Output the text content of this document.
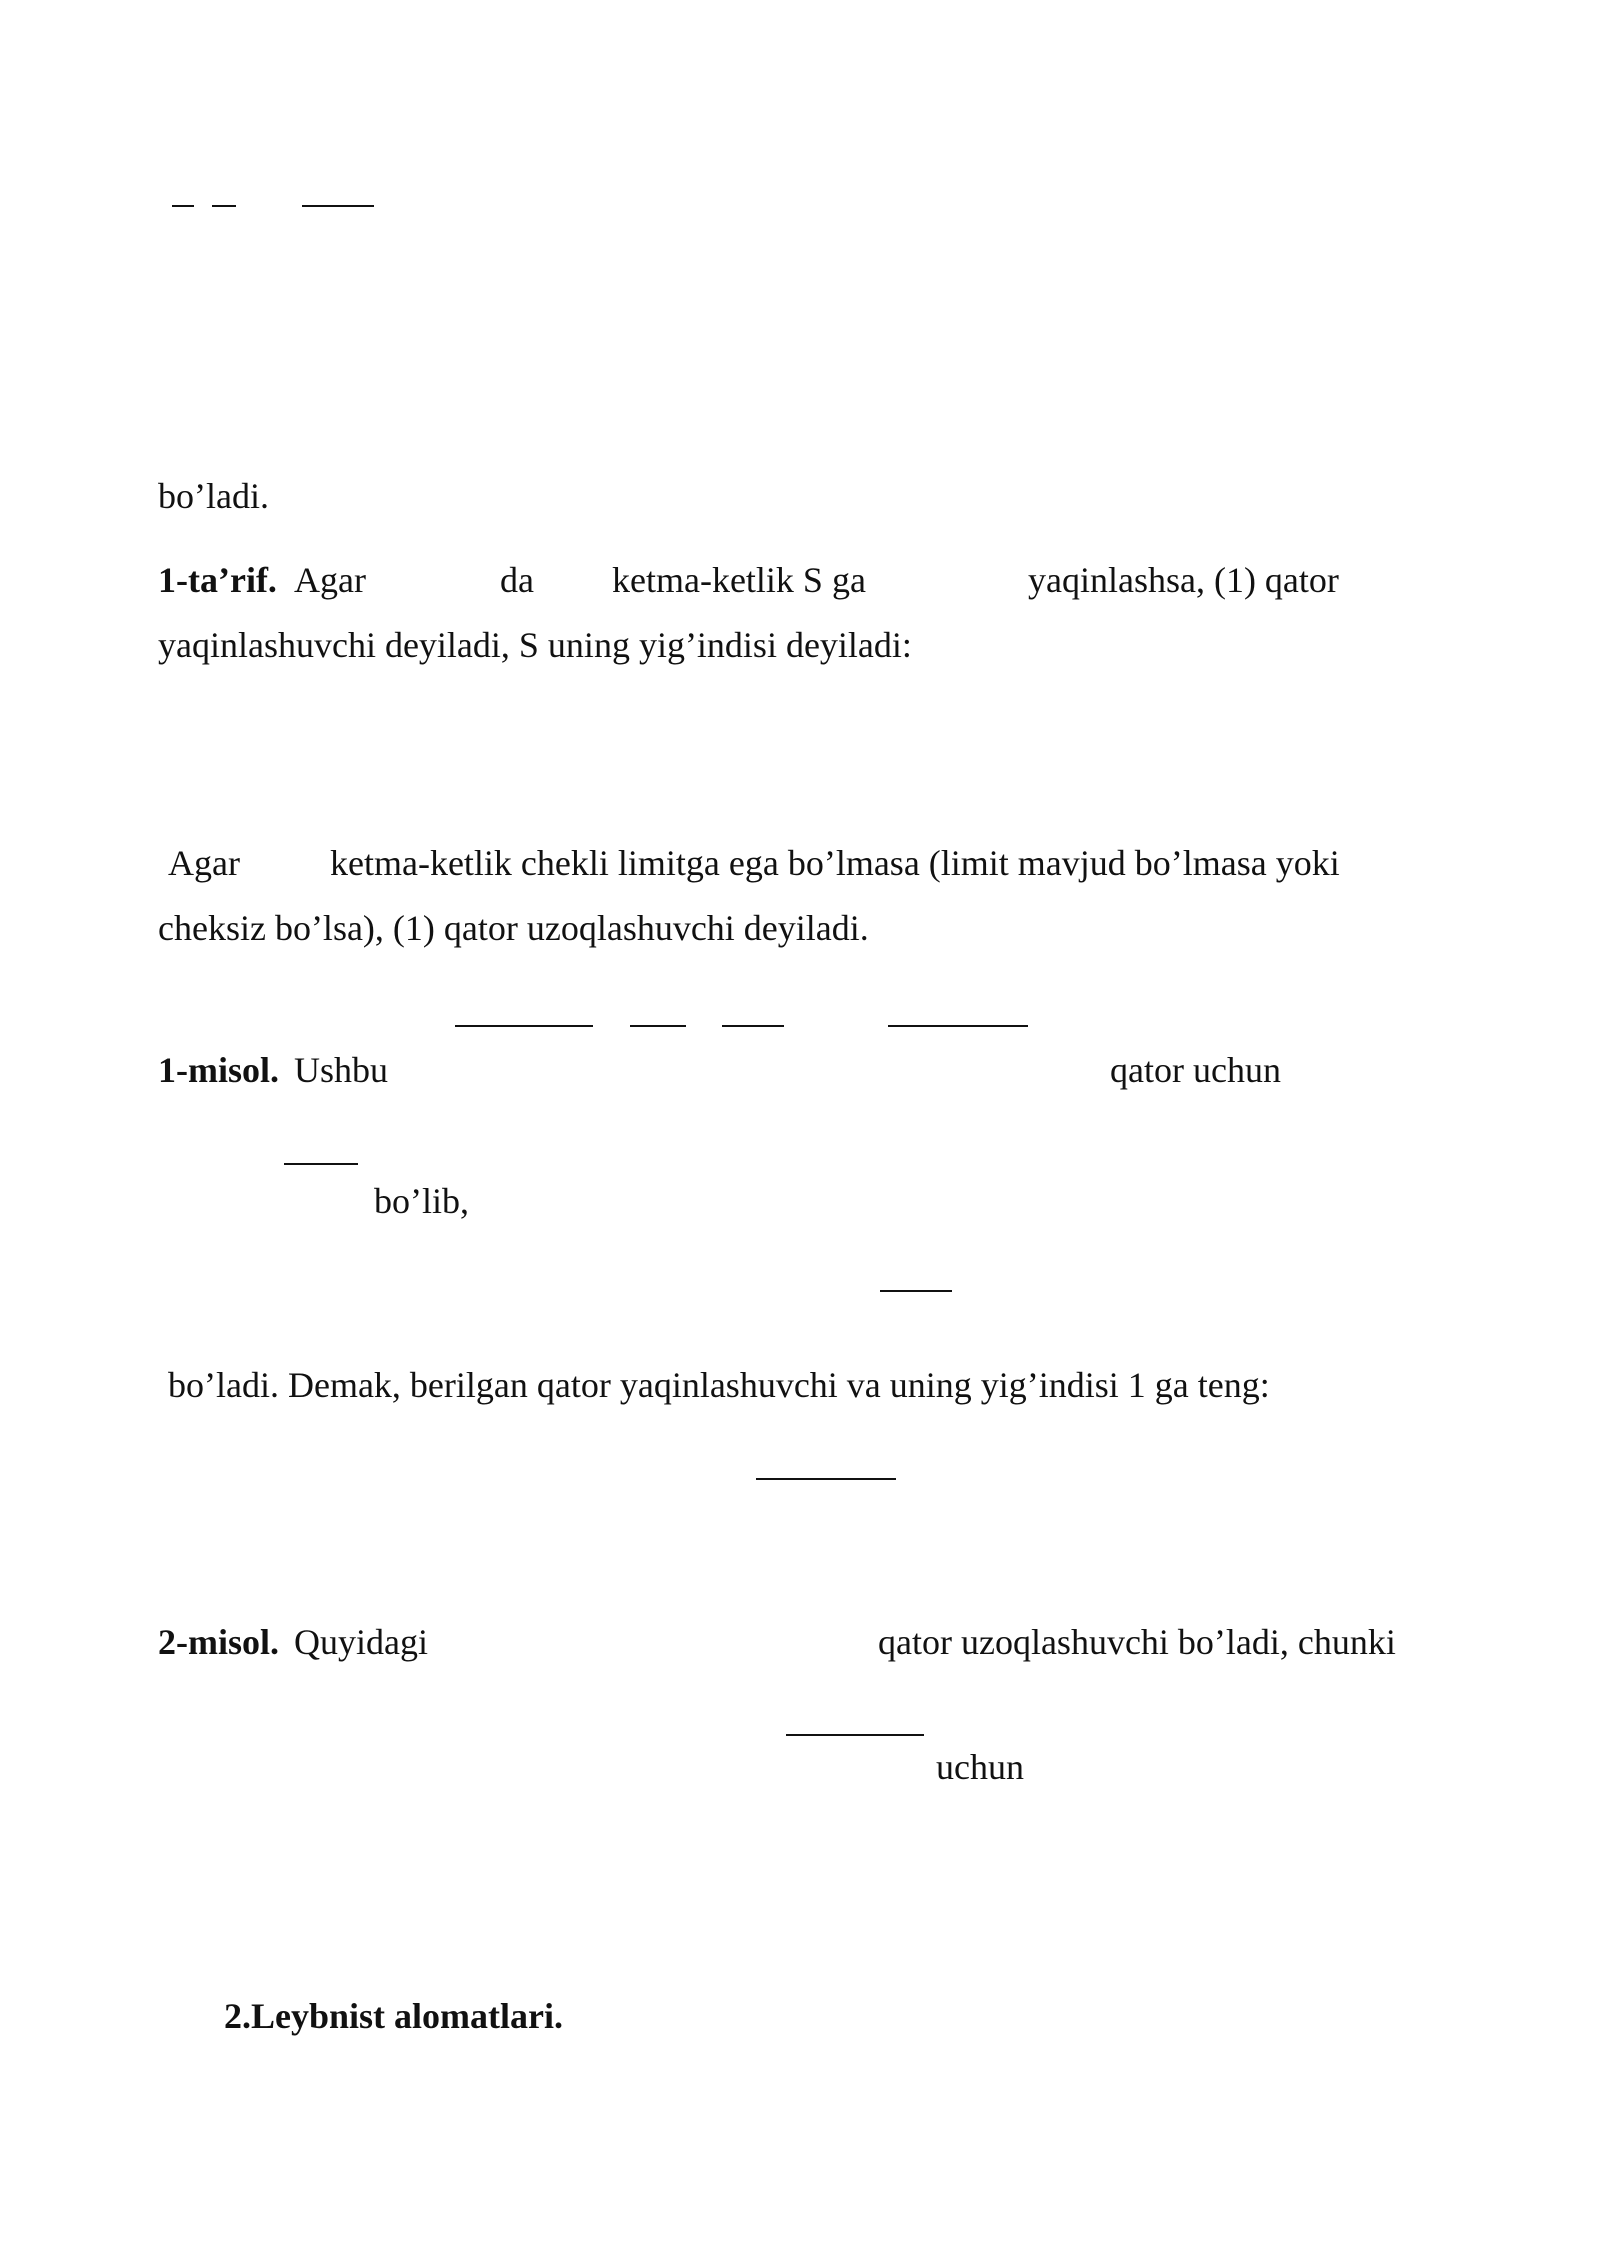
bo’ladi.
1-ta’rif. Agar	da ketma-ketlik S ga	yaqinlashsa, (1) qator
yaqinlashuvchi deyiladi, S uning yig’indisi deyiladi:
Agar	ketma-ketlik chekli limitga ega bo’lmasa (limit mavjud bo’lmasa yoki
cheksiz bo’lsa), (1) qator uzoqlashuvchi deyiladi.
1-misol. Ushbu	qator uchun
bo’lib,
bo’ladi. Demak, berilgan qator yaqinlashuvchi va uning yig’indisi 1 ga teng:
2-misol. Quyidagi	qator uzoqlashuvchi bo’ladi, chunki
uchun
2.Leybnist alomatlari.
